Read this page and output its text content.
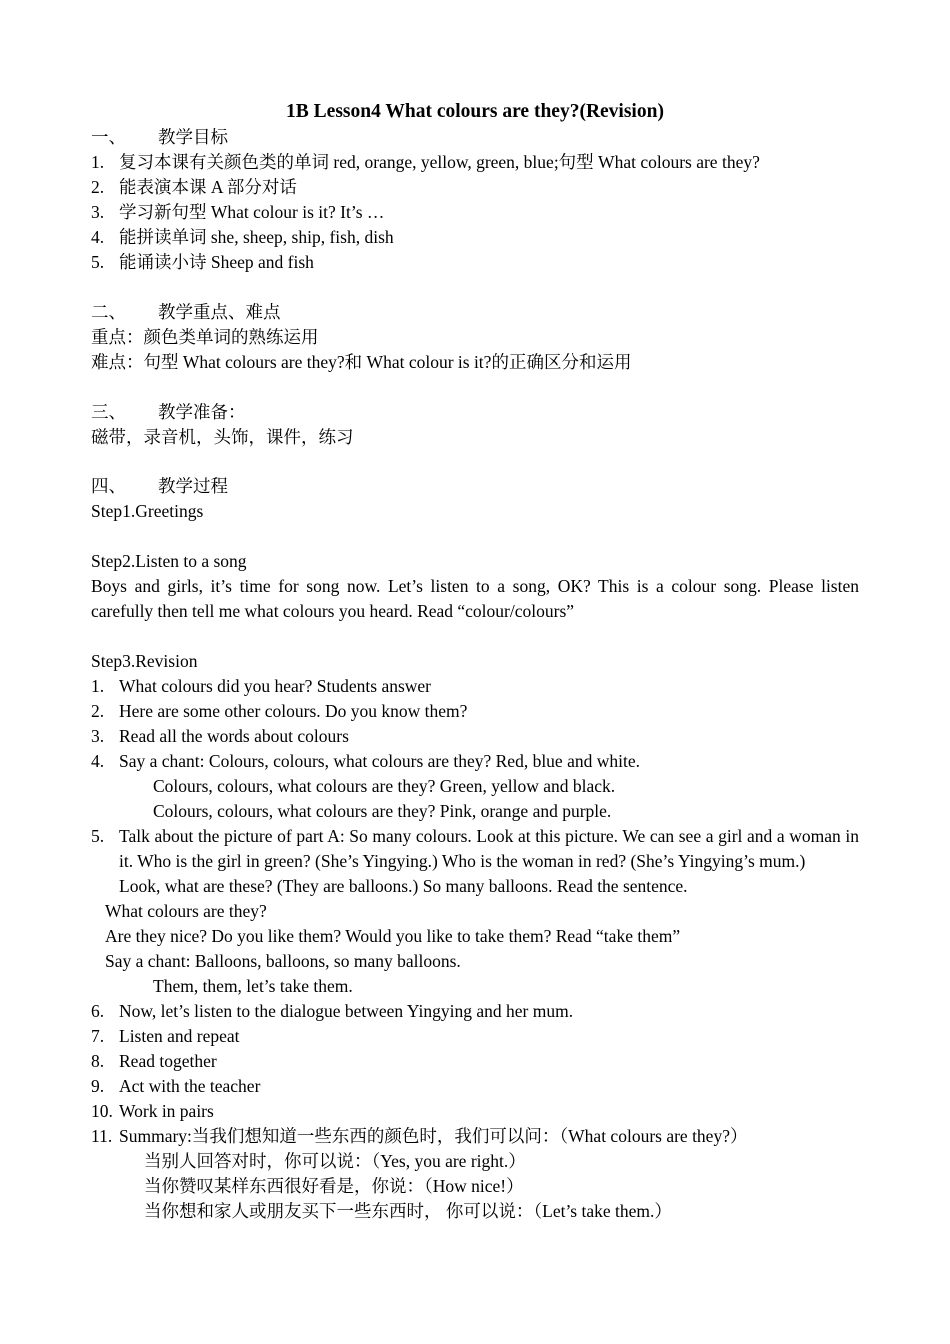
1B Lesson4 What colours are they?(Revision)
一、 教学目标
1. 复习本课有关颜色类的单词 red, orange, yellow, green, blue;句型 What colours are they?
2. 能表演本课 A 部分对话
3. 学习新句型 What colour is it? It’s …
4. 能拼读单词 she, sheep, ship, fish, dish
5. 能诵读小诗 Sheep and fish
二、 教学重点、难点
重点：颜色类单词的熟练运用
难点：句型 What colours are they?和 What colour is it?的正确区分和运用
三、 教学准备：
磁带，录音机，头饰，课件，练习
四、 教学过程
Step1.Greetings
Step2.Listen to a song
Boys and girls, it’s time for song now. Let’s listen to a song, OK? This is a colour song. Please listen carefully then tell me what colours you heard. Read “colour/colours”
Step3.Revision
1. What colours did you hear? Students answer
2. Here are some other colours. Do you know them?
3. Read all the words about colours
4. Say a chant: Colours, colours, what colours are they? Red, blue and white.
Colours, colours, what colours are they? Green, yellow and black.
Colours, colours, what colours are they? Pink, orange and purple.
5. Talk about the picture of part A: So many colours. Look at this picture. We can see a girl and a woman in it. Who is the girl in green? (She’s Yingying.) Who is the woman in red? (She’s Yingying’s mum.)
Look, what are these? (They are balloons.) So many balloons. Read the sentence.
What colours are they?
Are they nice? Do you like them? Would you like to take them? Read “take them”
Say a chant: Balloons, balloons, so many balloons.
Them, them, let’s take them.
6. Now, let’s listen to the dialogue between Yingying and her mum.
7. Listen and repeat
8. Read together
9. Act with the teacher
10. Work in pairs
11. Summary:当我们想知道一些东西的颜色时，我们可以问：（What colours are they?）
当别人回答对时，你可以说：（Yes, you are right.）
当你赞叹某样东西很好看是，你说：（How nice!）
当你想和家人或朋友买下一些东西时， 你可以说：（Let’s take them.）
